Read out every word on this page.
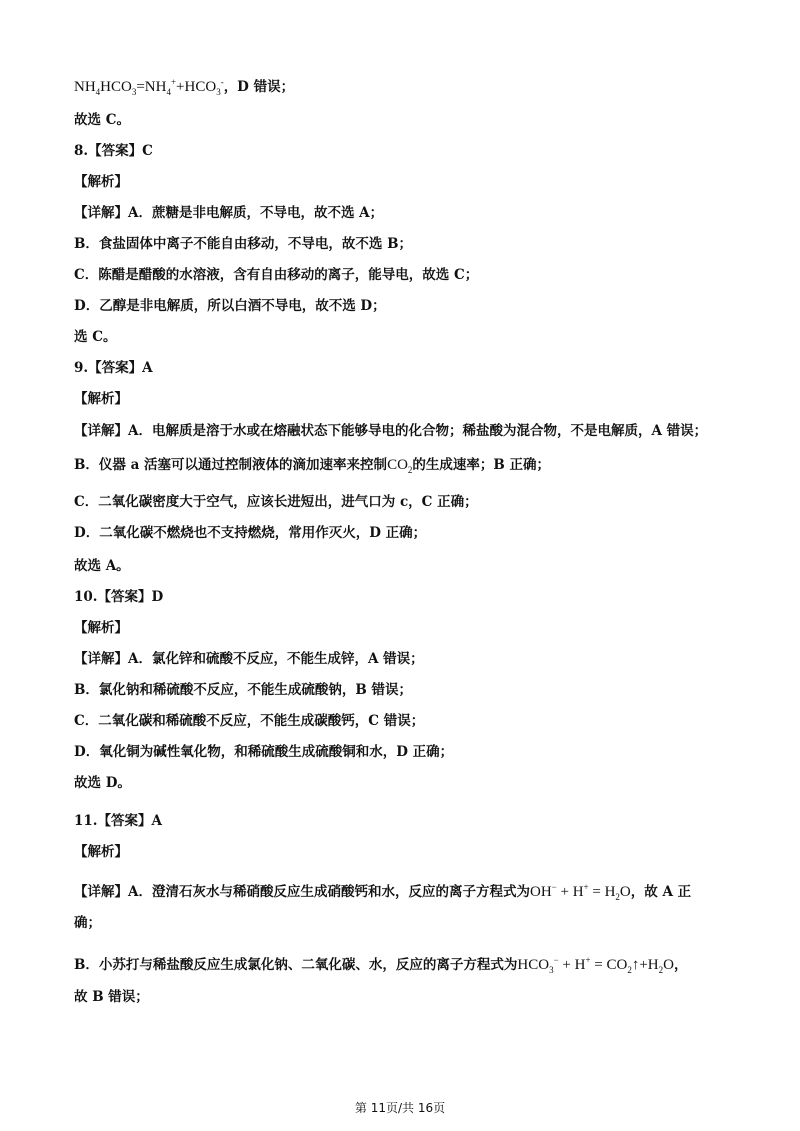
$NH_4HCO_3=NH_4^++HCO_3^-$，D 错误；
故选 C。
8.【答案】C
【解析】
【详解】A．蔗糖是非电解质，不导电，故不选 A；
B．食盐固体中离子不能自由移动，不导电，故不选 B；
C．陈醋是醋酸的水溶液，含有自由移动的离子，能导电，故选 C；
D．乙醇是非电解质，所以白酒不导电，故不选 D；
选 C。
9.【答案】A
【解析】
【详解】A．电解质是溶于水或在熔融状态下能够导电的化合物；稀盐酸为混合物，不是电解质，A 错误；
B．仪器 a 活塞可以通过控制液体的滴加速率来控制$CO_2$的生成速率；B 正确；
C．二氧化碳密度大于空气，应该长进短出，进气口为 c，C 正确；
D．二氧化碳不燃烧也不支持燃烧，常用作灭火，D 正确；
故选 A。
10.【答案】D
【解析】
【详解】A．氯化锌和硫酸不反应，不能生成锌，A 错误；
B．氯化钠和稀硫酸不反应，不能生成硫酸钠，B 错误；
C．二氧化碳和稀硫酸不反应，不能生成碳酸钙，C 错误；
D．氧化铜为碱性氧化物，和稀硫酸生成硫酸铜和水，D 正确；
故选 D。
11.【答案】A
【解析】
【详解】A．澄清石灰水与稀硝酸反应生成硝酸钙和水，反应的离子方程式为$OH^- + H^+ = H_2O$，故 A 正
确；
B．小苏打与稀盐酸反应生成氯化钠、二氧化碳、水，反应的离子方程式为$HCO_3^- + H^+$ = $CO_2↑+H_2O$，
故 B 错误；
第 11页/共 16页
